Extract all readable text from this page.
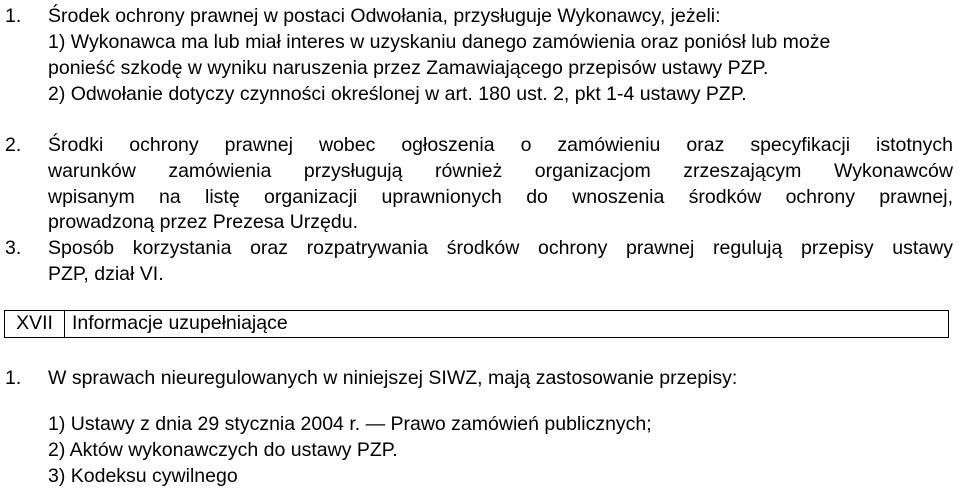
1. Środek ochrony prawnej w postaci Odwołania, przysługuje Wykonawcy, jeżeli:
1) Wykonawca ma lub miał interes w uzyskaniu danego zamówienia oraz poniósł lub może
ponieść szkodę w wyniku naruszenia przez Zamawiającego przepisów ustawy PZP.
2) Odwołanie dotyczy czynności określonej w art. 180 ust. 2, pkt 1-4 ustawy PZP.
2. Środki ochrony prawnej wobec ogłoszenia o zamówieniu oraz specyfikacji istotnych
warunków zamówienia przysługują również organizacjom zrzeszającym Wykonawców
wpisanym na listę organizacji uprawnionych do wnoszenia środków ochrony prawnej,
prowadzoną przez Prezesa Urzędu.
3. Sposób korzystania oraz rozpatrywania środków ochrony prawnej regulują przepisy ustawy
PZP, dział VI.
XVII Informacje uzupełniające
1. W sprawach nieuregulowanych w niniejszej SIWZ, mają zastosowanie przepisy:
1) Ustawy z dnia 29 stycznia 2004 r. — Prawo zamówień publicznych;
2) Aktów wykonawczych do ustawy PZP.
3) Kodeksu cywilnego
